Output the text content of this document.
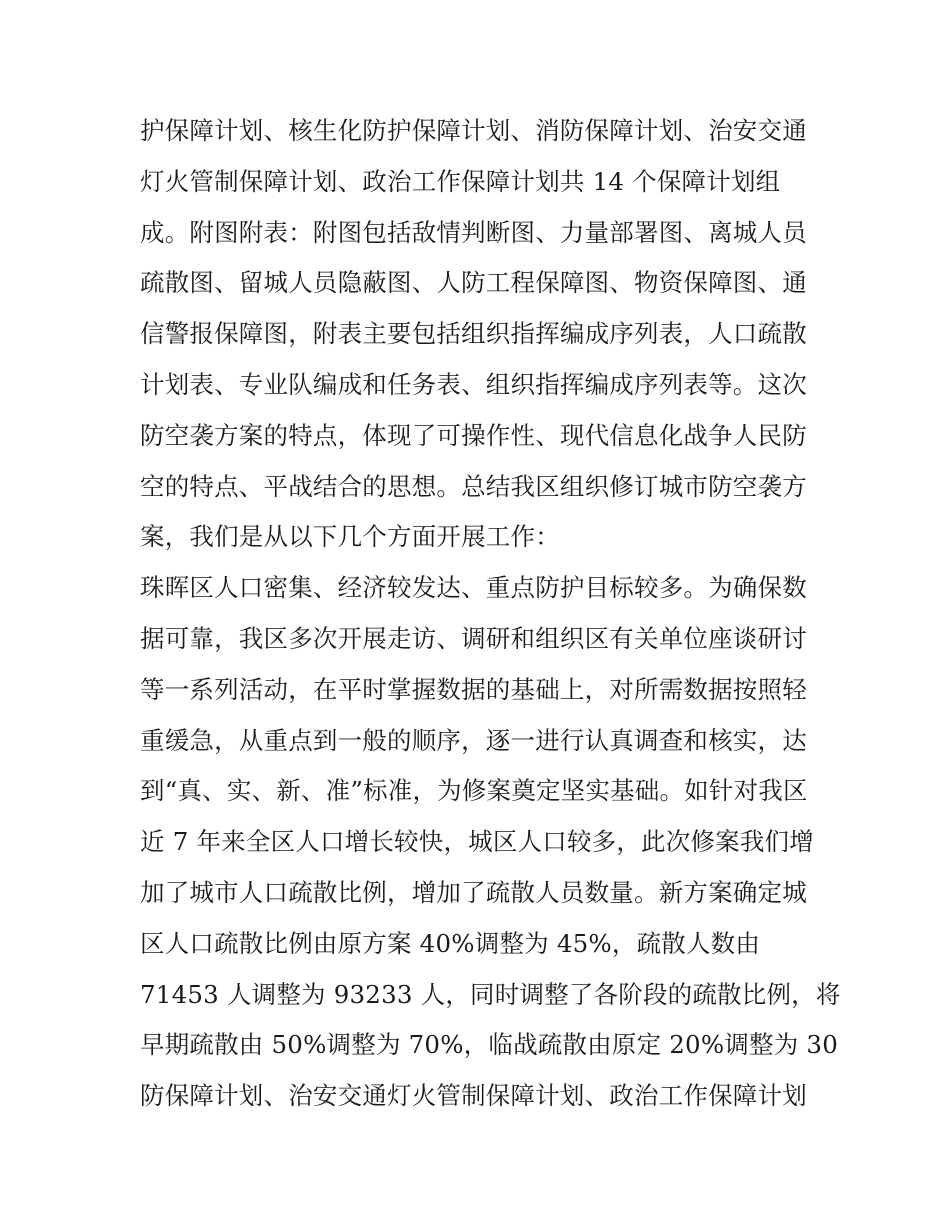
护保障计划、核生化防护保障计划、消防保障计划、治安交通
灯火管制保障计划、政治工作保障计划共 14 个保障计划组
成。附图附表：附图包括敌情判断图、力量部署图、离城人员
疏散图、留城人员隐蔽图、人防工程保障图、物资保障图、通
信警报保障图，附表主要包括组织指挥编成序列表，人口疏散
计划表、专业队编成和任务表、组织指挥编成序列表等。这次
防空袭方案的特点，体现了可操作性、现代信息化战争人民防
空的特点、平战结合的思想。总结我区组织修订城市防空袭方
案，我们是从以下几个方面开展工作：
珠晖区人口密集、经济较发达、重点防护目标较多。为确保数
据可靠，我区多次开展走访、调研和组织区有关单位座谈研讨
等一系列活动，在平时掌握数据的基础上，对所需数据按照轻
重缓急，从重点到一般的顺序，逐一进行认真调查和核实，达
到“真、实、新、准”标准，为修案奠定坚实基础。如针对我区
近 7 年来全区人口增长较快，城区人口较多，此次修案我们增
加了城市人口疏散比例，增加了疏散人员数量。新方案确定城
区人口疏散比例由原方案 40%调整为 45%，疏散人数由
71453 人调整为 93233 人，同时调整了各阶段的疏散比例，将
早期疏散由 50%调整为 70%，临战疏散由原定 20%调整为 30
防保障计划、治安交通灯火管制保障计划、政治工作保障计划
